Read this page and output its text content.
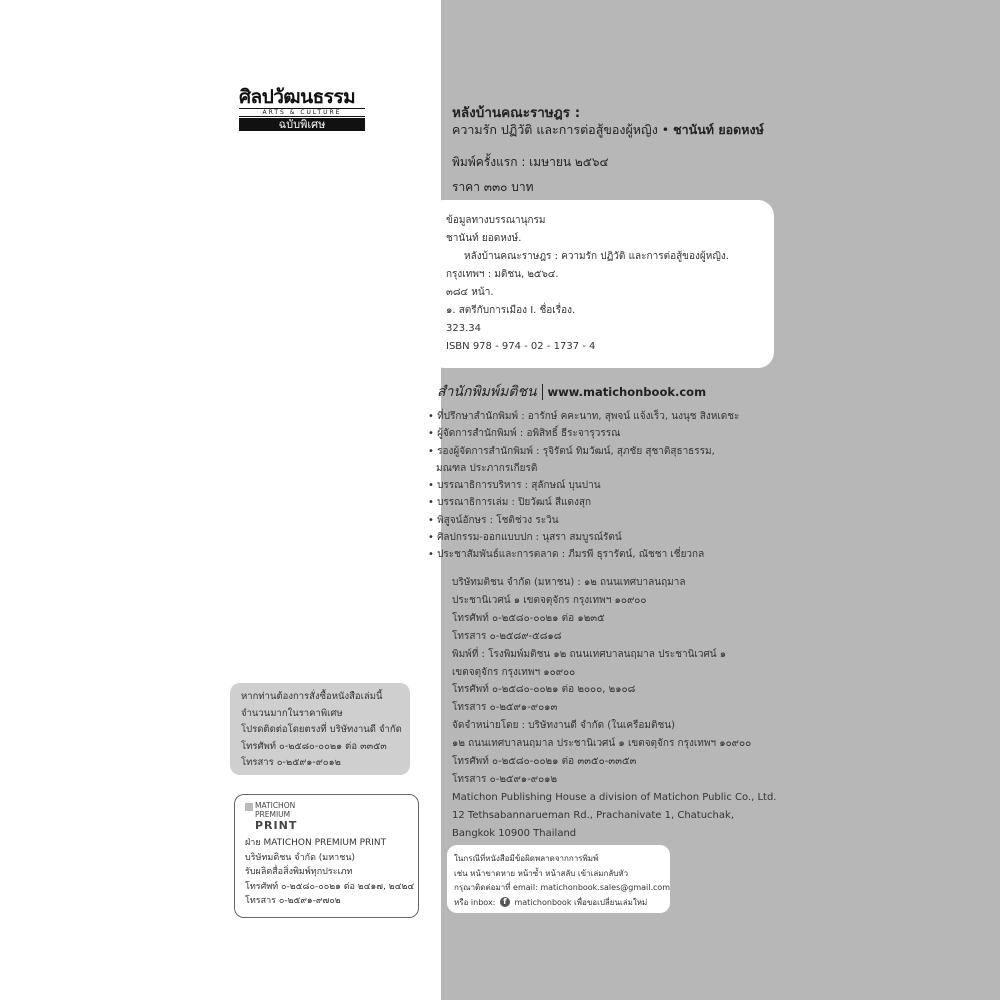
ศิลปวัฒนธรรม
ARTS & CULTURE
ฉบับพิเศษ
หากท่านต้องการสั่งซื้อหนังสือเล่มนี้
จำนวนมากในราคาพิเศษ
โปรดติดต่อโดยตรงที่ บริษัทงานดี จำกัด
โทรศัพท์ ๐-๒๕๘๐-๐๐๒๑ ต่อ ๓๓๕๓
โทรสาร ๐-๒๕๙๑-๙๐๑๒
MATICHON
PREMIUM
PRINT
ฝ่าย MATICHON PREMIUM PRINT
บริษัทมติชน จำกัด (มหาชน)
รับผลิตสื่อสิ่งพิมพ์ทุกประเภท
โทรศัพท์ ๐-๒๕๘๐-๐๐๒๑ ต่อ ๒๔๑๗, ๒๔๒๔
โทรสาร ๐-๒๕๙๑-๙๗๐๒
หลังบ้านคณะราษฎร :
ความรัก ปฏิวัติ และการต่อสู้ของผู้หญิง • ชานันท์ ยอดหงษ์
พิมพ์ครั้งแรก : เมษายน ๒๕๖๔
ราคา ๓๓๐ บาท
ข้อมูลทางบรรณานุกรม
ชานันท์ ยอดหงษ์.
หลังบ้านคณะราษฎร : ความรัก ปฏิวัติ และการต่อสู้ของผู้หญิง.
กรุงเทพฯ : มติชน, ๒๕๖๔.
๓๘๔ หน้า.
๑. สตรีกับการเมือง I. ชื่อเรื่อง.
323.34
ISBN 978 - 974 - 02 - 1737 - 4
สำนักพิมพ์มติชน www.matichonbook.com
• ที่ปรึกษาสำนักพิมพ์ : อารักษ์ คคะนาท, สุพจน์ แจ้งเร็ว, นงนุช สิงหเดชะ
• ผู้จัดการสำนักพิมพ์ : อพิสิทธิ์ ธีระจารุวรรณ
• รองผู้จัดการสำนักพิมพ์ : รุจิรัตน์ ทิมวัฒน์, สุภชัย สุชาติสุธาธรรม,
มณฑล ประภากรเกียรติ
• บรรณาธิการบริหาร : สุลักษณ์ บุนปาน
• บรรณาธิการเล่ม : ปิยวัฒน์ สีแดงสุก
• พิสูจน์อักษร : โชติช่วง ระวิน
• ศิลปกรรม-ออกแบบปก : นุสรา สมบูรณ์รัตน์
• ประชาสัมพันธ์และการตลาด : ภีมรพี ธุรารัตน์, ณัชชา เชี่ยวกล
บริษัทมติชน จำกัด (มหาชน) : ๑๒ ถนนเทศบาลนฤมาล
ประชานิเวศน์ ๑ เขตจตุจักร กรุงเทพฯ ๑๐๙๐๐
โทรศัพท์ ๐-๒๕๘๐-๐๐๒๑ ต่อ ๑๒๓๕
โทรสาร ๐-๒๕๘๙-๕๘๑๘
พิมพ์ที่ : โรงพิมพ์มติชน ๑๒ ถนนเทศบาลนฤมาล ประชานิเวศน์ ๑
เขตจตุจักร กรุงเทพฯ ๑๐๙๐๐
โทรศัพท์ ๐-๒๕๘๐-๐๐๒๑ ต่อ ๒๐๐๐, ๒๑๐๘
โทรสาร ๐-๒๕๙๑-๙๐๑๓
จัดจำหน่ายโดย : บริษัทงานดี จำกัด (ในเครือมติชน)
๑๒ ถนนเทศบาลนฤมาล ประชานิเวศน์ ๑ เขตจตุจักร กรุงเทพฯ ๑๐๙๐๐
โทรศัพท์ ๐-๒๕๘๐-๐๐๒๑ ต่อ ๓๓๕๐-๓๓๕๓
โทรสาร ๐-๒๕๙๑-๙๐๑๒
Matichon Publishing House a division of Matichon Public Co., Ltd.
12 Tethsabannarueman Rd., Prachanivate 1, Chatuchak,
Bangkok 10900 Thailand
ในกรณีที่หนังสือมีข้อผิดพลาดจากการพิมพ์
เช่น หน้าขาดหาย หน้าซ้ำ หน้าสลับ เข้าเล่มกลับหัว
กรุณาติดต่อมาที่ email: matichonbook.sales@gmail.com
หรือ inbox: f matichonbook เพื่อขอเปลี่ยนเล่มใหม่
